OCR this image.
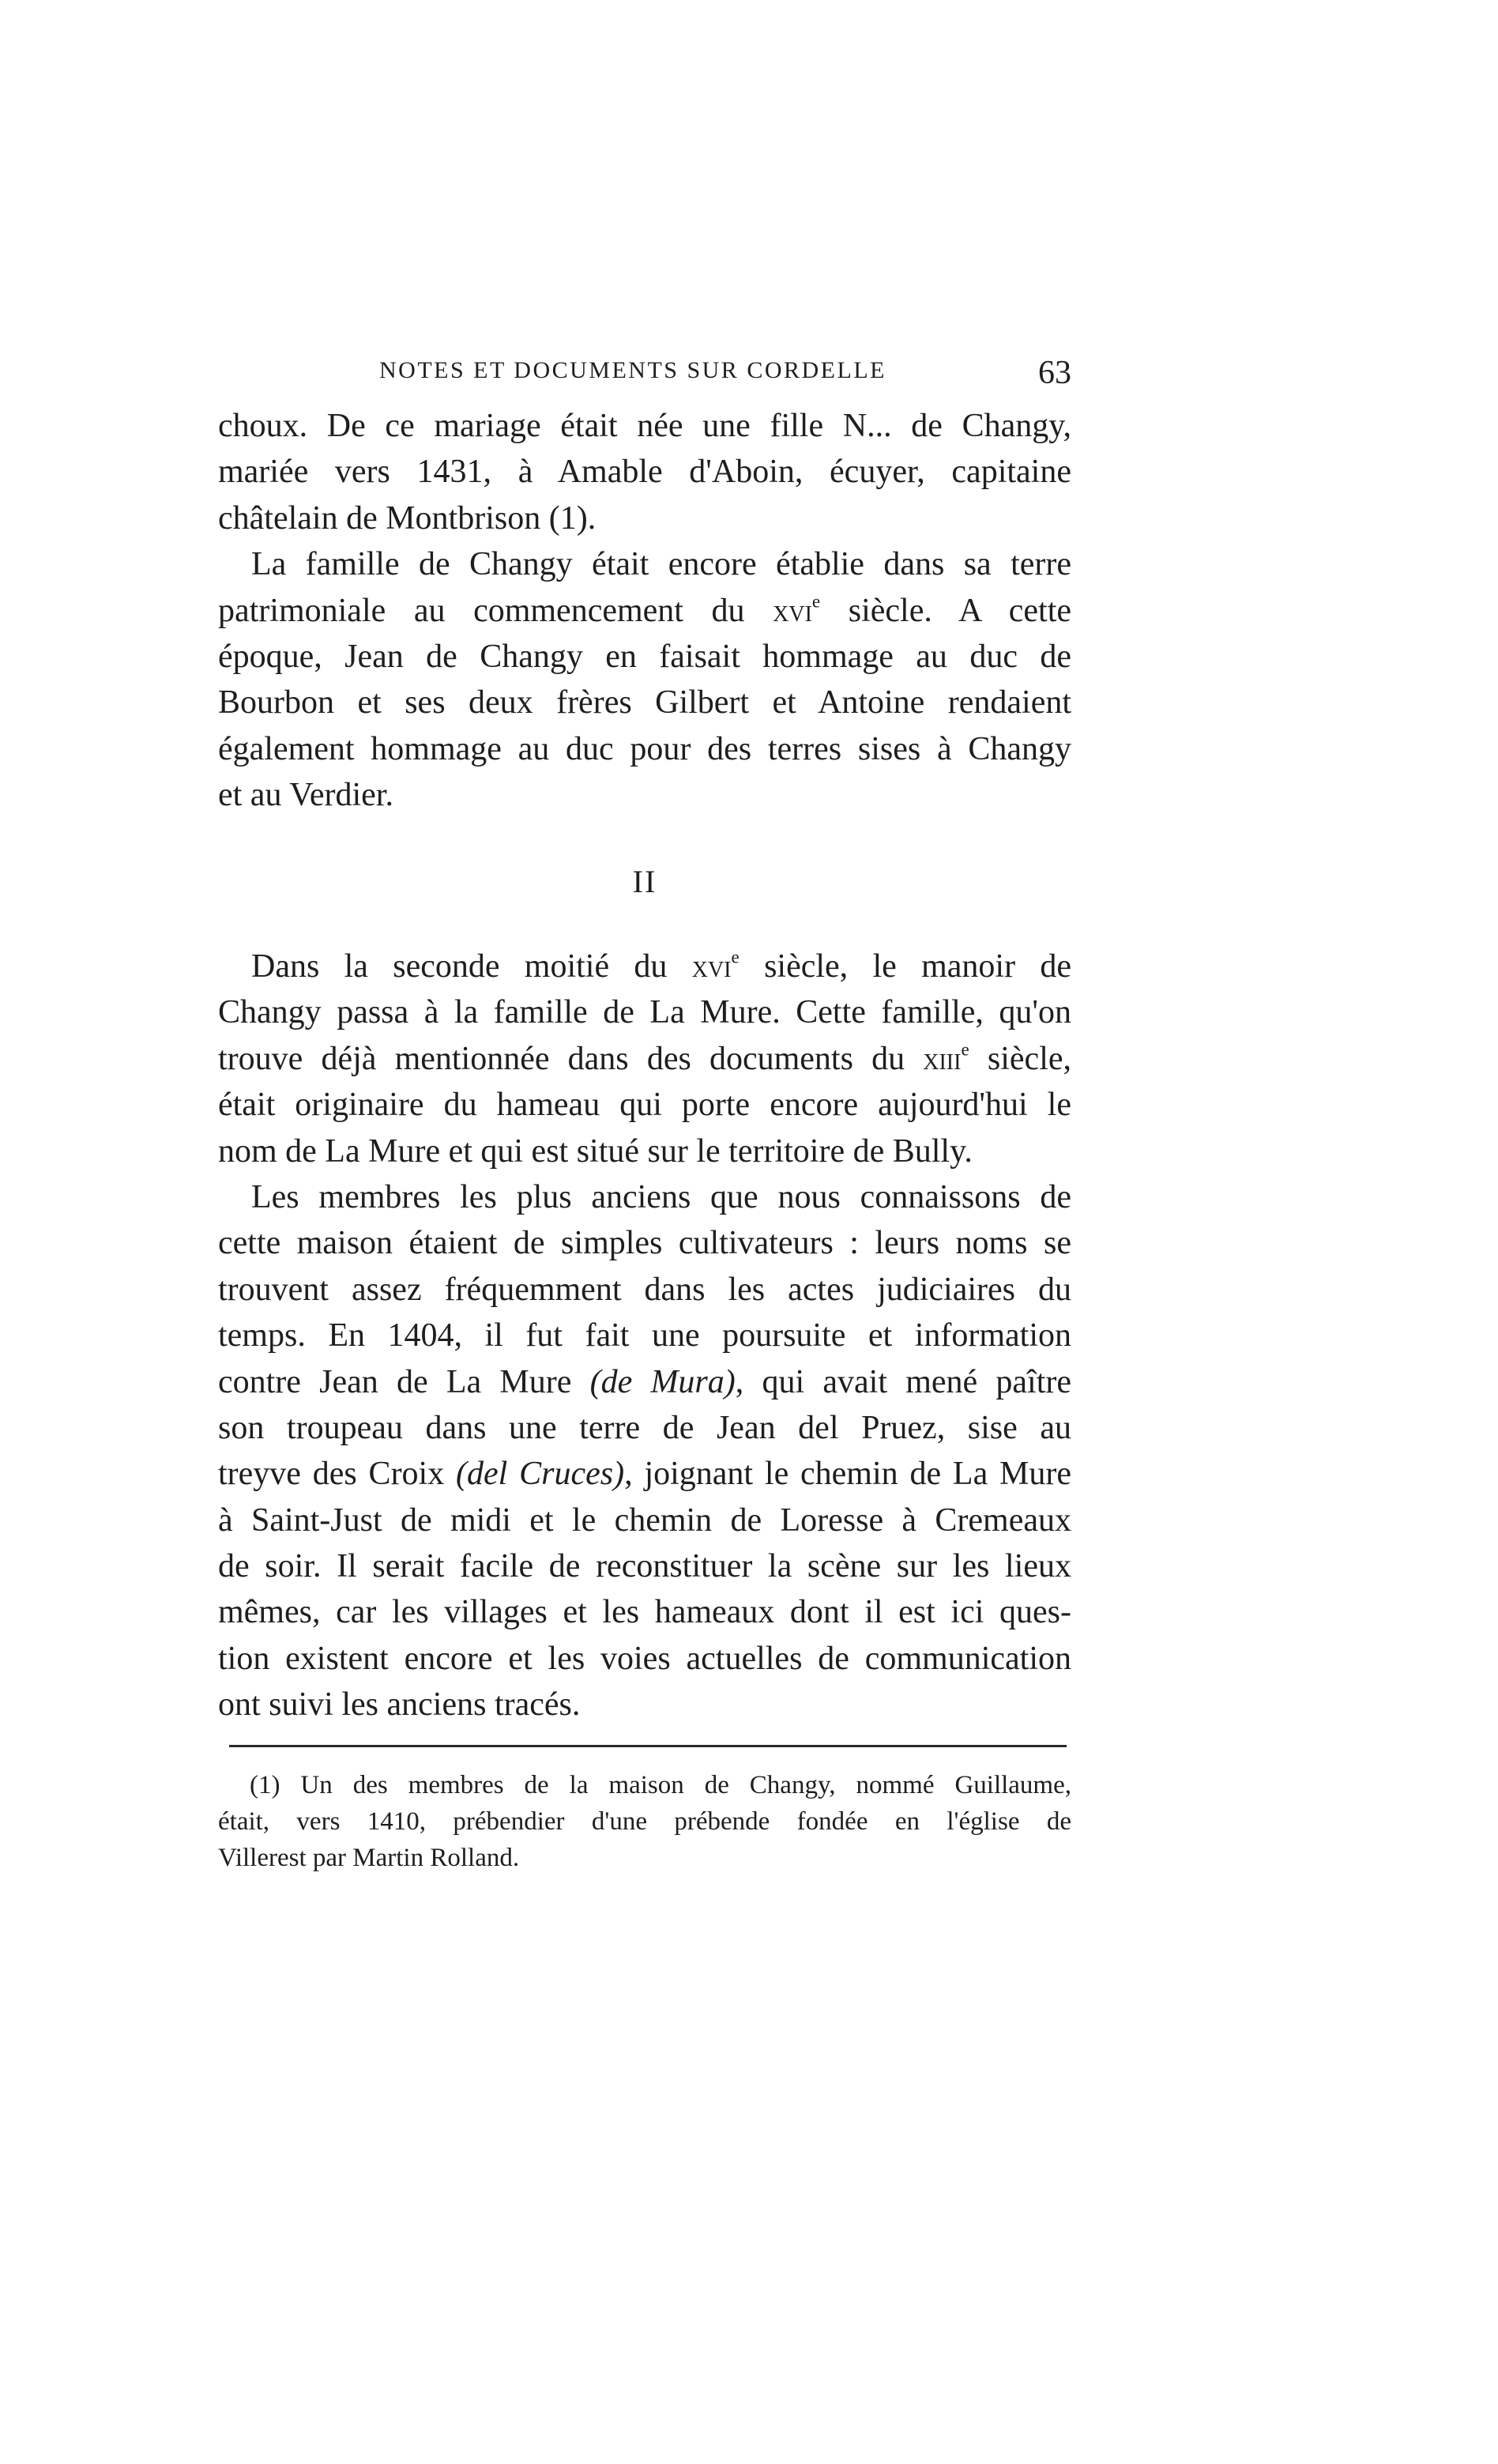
NOTES ET DOCUMENTS SUR CORDELLE	63
choux. De ce mariage était née une fille N... de Changy,
mariée vers 1431, à Amable d'Aboin, écuyer, capitaine
châtelain de Montbrison (1).
La famille de Changy était encore établie dans sa terre
patrimoniale au commencement du xvi$^e$ siècle. A cette
époque, Jean de Changy en faisait hommage au duc de
Bourbon et ses deux frères Gilbert et Antoine rendaient
également hommage au duc pour des terres sises à Changy
et au Verdier.
II
Dans la seconde moitié du xvi$^e$ siècle, le manoir de
Changy passa à la famille de La Mure. Cette famille, qu'on
trouve déjà mentionnée dans des documents du xiii$^e$ siècle,
était originaire du hameau qui porte encore aujourd'hui le
nom de La Mure et qui est situé sur le territoire de Bully.
Les membres les plus anciens que nous connaissons de
cette maison étaient de simples cultivateurs : leurs noms se
trouvent assez fréquemment dans les actes judiciaires du
temps. En 1404, il fut fait une poursuite et information
contre Jean de La Mure (de Mura), qui avait mené paître
son troupeau dans une terre de Jean del Pruez, sise au
treyve des Croix (del Cruces), joignant le chemin de La Mure
à Saint-Just de midi et le chemin de Loresse à Cremeaux
de soir. Il serait facile de reconstituer la scène sur les lieux
mêmes, car les villages et les hameaux dont il est ici ques-
tion existent encore et les voies actuelles de communication
ont suivi les anciens tracés.
(1) Un des membres de la maison de Changy, nommé Guillaume,
était, vers 1410, prébendier d'une prébende fondée en l'église de
Villerest par Martin Rolland.
